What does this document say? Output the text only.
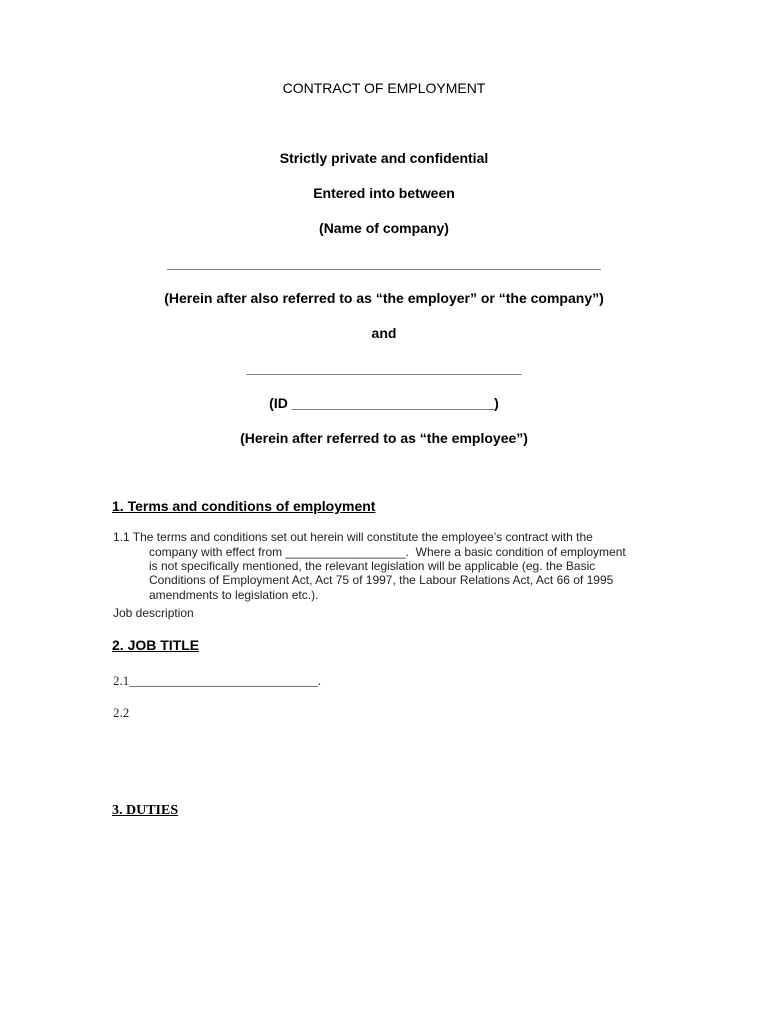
CONTRACT OF EMPLOYMENT
Strictly private and confidential
Entered into between
(Name of company)
____________________________________________________________
(Herein after also referred to as “the employer” or “the company”)
and
______________________________________
(ID __________________________)
(Herein after referred to as “the employee”)
1. Terms and conditions of employment
1.1 The terms and conditions set out herein will constitute the employee’s contract with the
company with effect from __________________.  Where a basic condition of employment
is not specifically mentioned, the relevant legislation will be applicable (eg. the Basic
Conditions of Employment Act, Act 75 of 1997, the Labour Relations Act, Act 66 of 1995
amendments to legislation etc.).
Job description
2. JOB TITLE
2.1_____________________________.
2.2
3. DUTIES
